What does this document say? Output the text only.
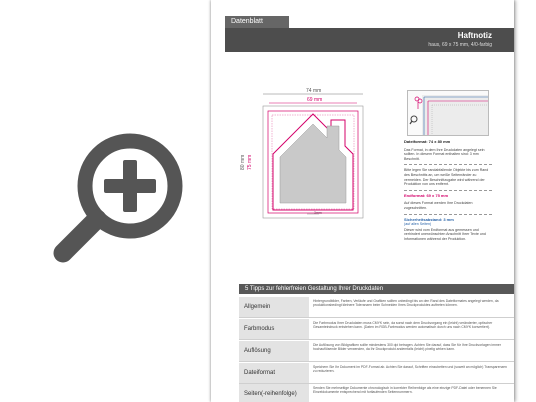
Datenblatt
Haftnotiz
haus, 69 x 75 mm, 4/0-farbig
74 mm
69 mm
80 mm 75 mm
3mm

Dateiformat: 74 x 80 mm

Das Format, in dem Ihre Druckdaten angelegt sein sollten. In diesem Format enthalten sind: 3 mm Beschnitt.

Bitte legen Sie randabfallende Objekte bis zum Rand des Beschnitts an, um weiße Seitenränder zu vermeiden. Der Beschnittzugabe wird während der Produktion von uns entfernt.

Endformat: 69 x 75 mm

Auf dieses Format werden Ihre Druckdaten zugeschnitten.

Sicherheitsabstand: 3 mm

(auf allen Seiten)

Dieser wird vom Endformat aus gemessen und verhindert unerwünschten Anschnitt Ihrer Texte und Informationen während der Produktion.

5 Tipps zur fehlerfreien Gestaltung Ihrer Druckdaten
Allgemein
Hintergrundbilder, Farben, Verläufe und Grafiken sollten unbedingt bis an den Rand des Dateiformates angelegt werden, da produktionsbedingt kleinere Toleranzen beim Schneiden Ihres Druckproduktes auftreten können.
Farbmodus
Die Farbmodus Ihrer Druckdaten muss CMYK sein, da sonst nach dem Druckvorgang ein (leicht) veränderter, optischer Gesamteindruck entstehen kann. (Daten im RGB-Farbmodus werden automatisch durch uns nach CMYK konvertiert).
Auflösung
Die Auflösung von Bildgrafiken sollte mindestens 300 dpi betragen. Achten Sie darauf, dass Sie für Ihre Druckvorlagen immer hochauflösende Bilder verwenden, da Ihr Druckprodukt andernfalls (leicht) pixelig wirken kann.
Dateiformat
Speichern Sie Ihr Dokument im PDF-Format ab. Achten Sie darauf, Schriften einzubetten und (soweit an möglich) Transparenzen zu reduzieren.
Seiten(-reihenfolge)
Senden Sie mehrseitige Dokumente chronologisch in korrekter Reihenfolge als eine einzige PDF-Datei oder benennen Sie Einzeldokumente entsprechend mit fortlaufenden Seitennummern.
